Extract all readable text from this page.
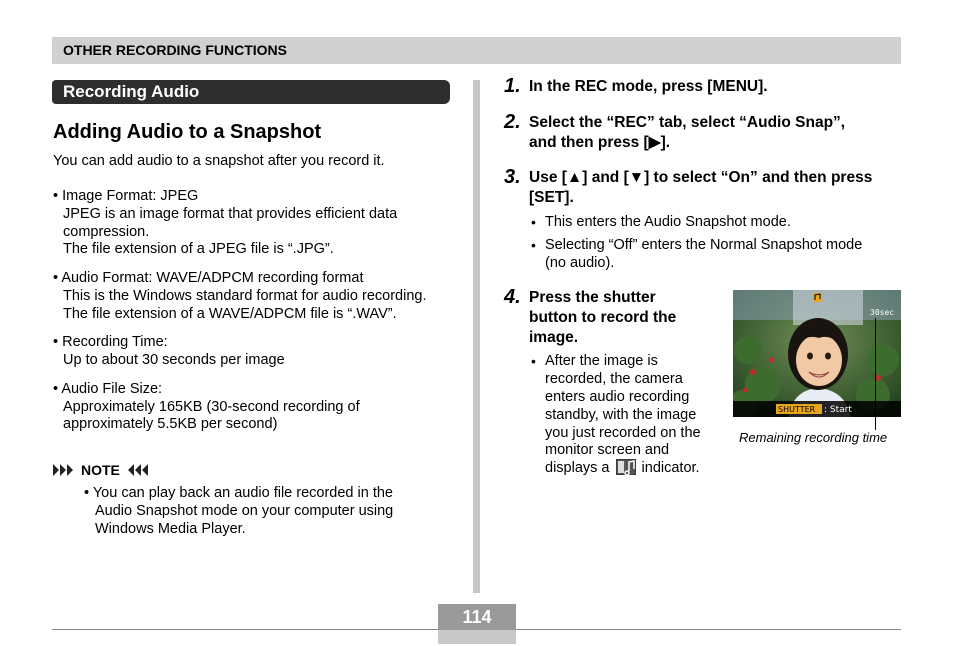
OTHER RECORDING FUNCTIONS
Recording Audio
Adding Audio to a Snapshot
You can add audio to a snapshot after you record it.
• Image Format: JPEG
JPEG is an image format that provides efficient data
compression.
The file extension of a JPEG file is “.JPG”.
• Audio Format: WAVE/ADPCM recording format
This is the Windows standard format for audio recording.
The file extension of a WAVE/ADPCM file is “.WAV”.
• Recording Time:
Up to about 30 seconds per image
• Audio File Size:
Approximately 165KB (30-second recording of
approximately 5.5KB per second)
NOTE
• You can play back an audio file recorded in the
Audio Snapshot mode on your computer using
Windows Media Player.
1. In the REC mode, press [MENU].
2. Select the “REC” tab, select “Audio Snap”,
and then press [▶].
3. Use [▲] and [▼] to select “On” and then press
[SET].
• This enters the Audio Snapshot mode.
• Selecting “Off” enters the Normal Snapshot mode
(no audio).
4. Press the shutter
button to record the
image.
• After the image is
recorded, the camera
enters audio recording
standby, with the image
you just recorded on the
monitor screen and
displays a indicator.
30sec
SHUTTER : Start
Remaining recording time
114
